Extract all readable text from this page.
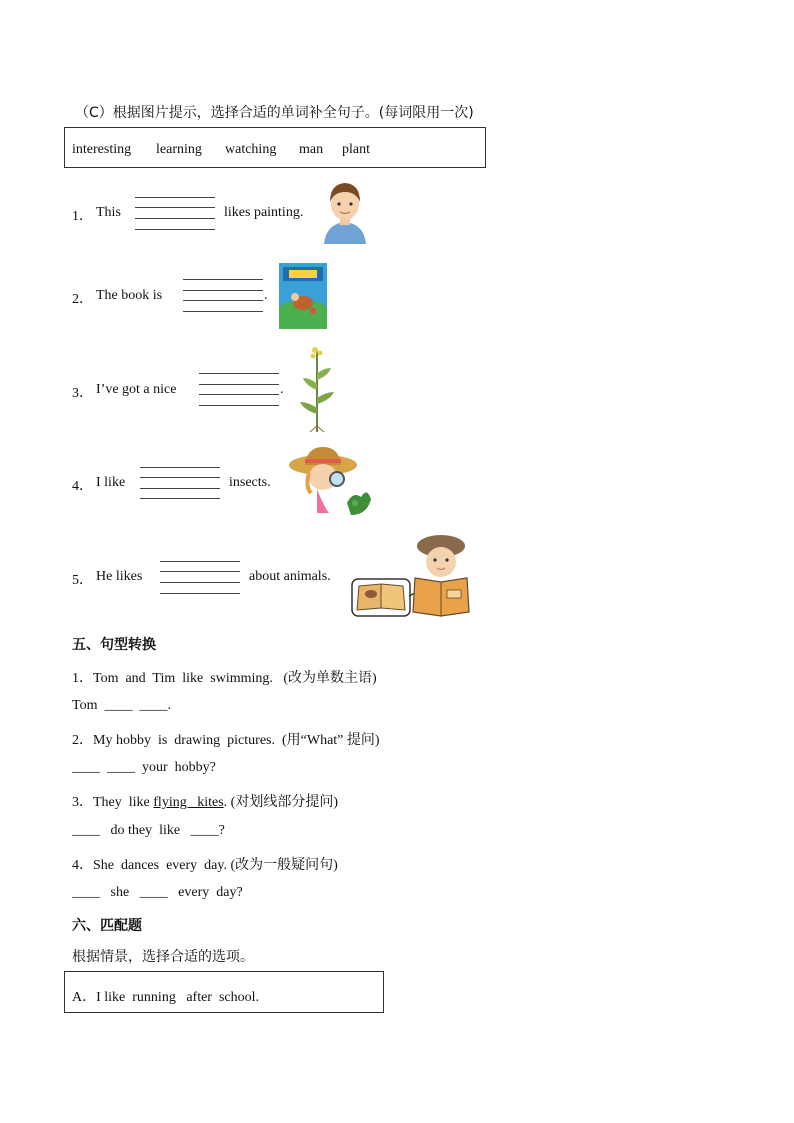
（C）根据图片提示，选择合适的单词补全句子。(每词限用一次)
interesting learning watching man plant
1． This	likes painting.
2． The book is	.
3． I’ve got a nice	.
4． I like	insects.
5． He likes	about animals.
五、句型转换
1．Tom  and  Tim  like  swimming.   (改为单数主语)
Tom  ____  ____.
2．My hobby  is  drawing  pictures.  (用“What” 提问)
____  ____  your  hobby?
3．They  like flying   kites. (对划线部分提问)
____   do they  like   ____?
4．She  dances  every  day. (改为一般疑问句)
____   she   ____   every  day?
六、匹配题
根据情景，选择合适的选项。
A．I like  running   after  school.
